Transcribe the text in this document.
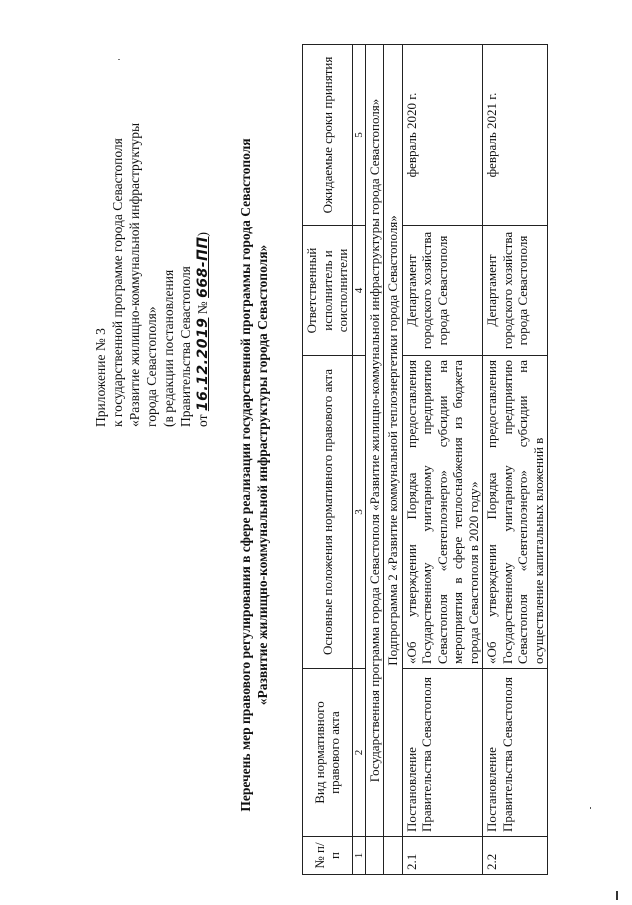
Приложение № 3 к государственной программе города Севастополя «Развитие жилищно-коммунальной инфраструктуры города Севастополя» (в редакции постановления Правительства Севастополя от 16.12.2019 № 668-ПП) Перечень мер правового регулирования в сфере реализации государственной программы города Севастополя «Развитие жилищно-коммунальной инфраструктуры города Севастополя»
№ п/п	Вид нормативного правового акта	Основные положения нормативного правового акта	Ответственный исполнитель и соисполнители	Ожидаемые сроки принятия
1	2	3	4	5
	Государственная программа города Севастополя «Развитие жилищно-коммунальной инфраструктуры города Севастополя»			
	Подпрограмма 2 «Развитие коммунальной теплоэнергетики города Севастополя»			
2.1	Постановление Правительства Севастополя	«Об утверждении Порядка предоставления Государственному унитарному предприятию Севастополя «Севтеплоэнерго» субсидии на мероприятия в сфере теплоснабжения из бюджета города Севастополя в 2020 году»	Департамент городского хозяйства города Севастополя	февраль 2020 г.
2.2	Постановление Правительства Севастополя	«Об утверждении Порядка предоставления Государственному унитарному предприятию Севастополя «Севтеплоэнерго» субсидии на осуществление капитальных вложений в	Департамент городского хозяйства города Севастополя	февраль 2021 г.
